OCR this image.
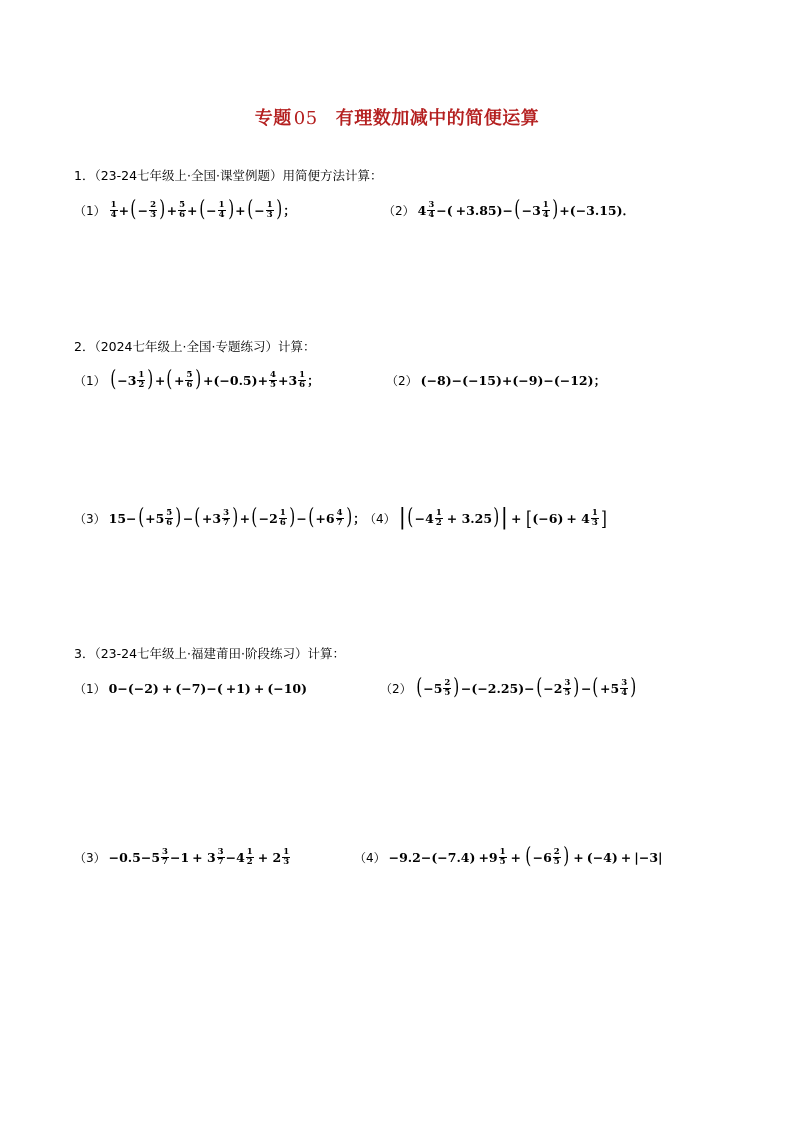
专题 05 有理数加减中的简便运算
1．（23-24七年级上·全国·课堂例题）用简便方法计算：
（1） 1
4 + ( − $\frac{2}{3}$ ) + $\frac{5}{6}$ + ( − $\frac{1}{4}$ ) + ( − $\frac{1}{3}$ ) ；	（2） 4 3
4 − ( +3.85 ) − ( −3 1
4 ) + ( −3.15 ) ．
2．（2024七年级上·全国·专题练习）计算：
（1） ( −3 1
2 ) + ( + $\frac{5}{6}$ ) + ( −0.5 ) + $\frac{4}{5} +3$ 1
6 ；	（2） ( −8 ) − ( −15 ) + ( −9 ) − ( −12 ) ；
（3） 15 − ( +5 5
6 ) − ( +3 3
7 ) + ( −2 1
6 ) − ( +6 4
7 ) ；
（4） | ( −4 1
2 + 3.25 ) | + [ ( −6 ) + 4 1
3 ]
3．（23-24七年级上·福建莆田·阶段练习）计算：
（1） 0 − ( −2 ) + ( −7 ) − ( +1 ) + ( −10 )	（2） ( −5 2
5 ) − ( −2.25 ) − ( −2 3
5 ) − ( +5 3
4 )
（3） −0.5 −5 3
7 −1 + 3 3
7 −4 1
2 + 2 1
3	（4） −9.2 − ( −7.4 ) +9 1
5 + ( −6 2
5 ) + ( −4 ) + | −3 |
